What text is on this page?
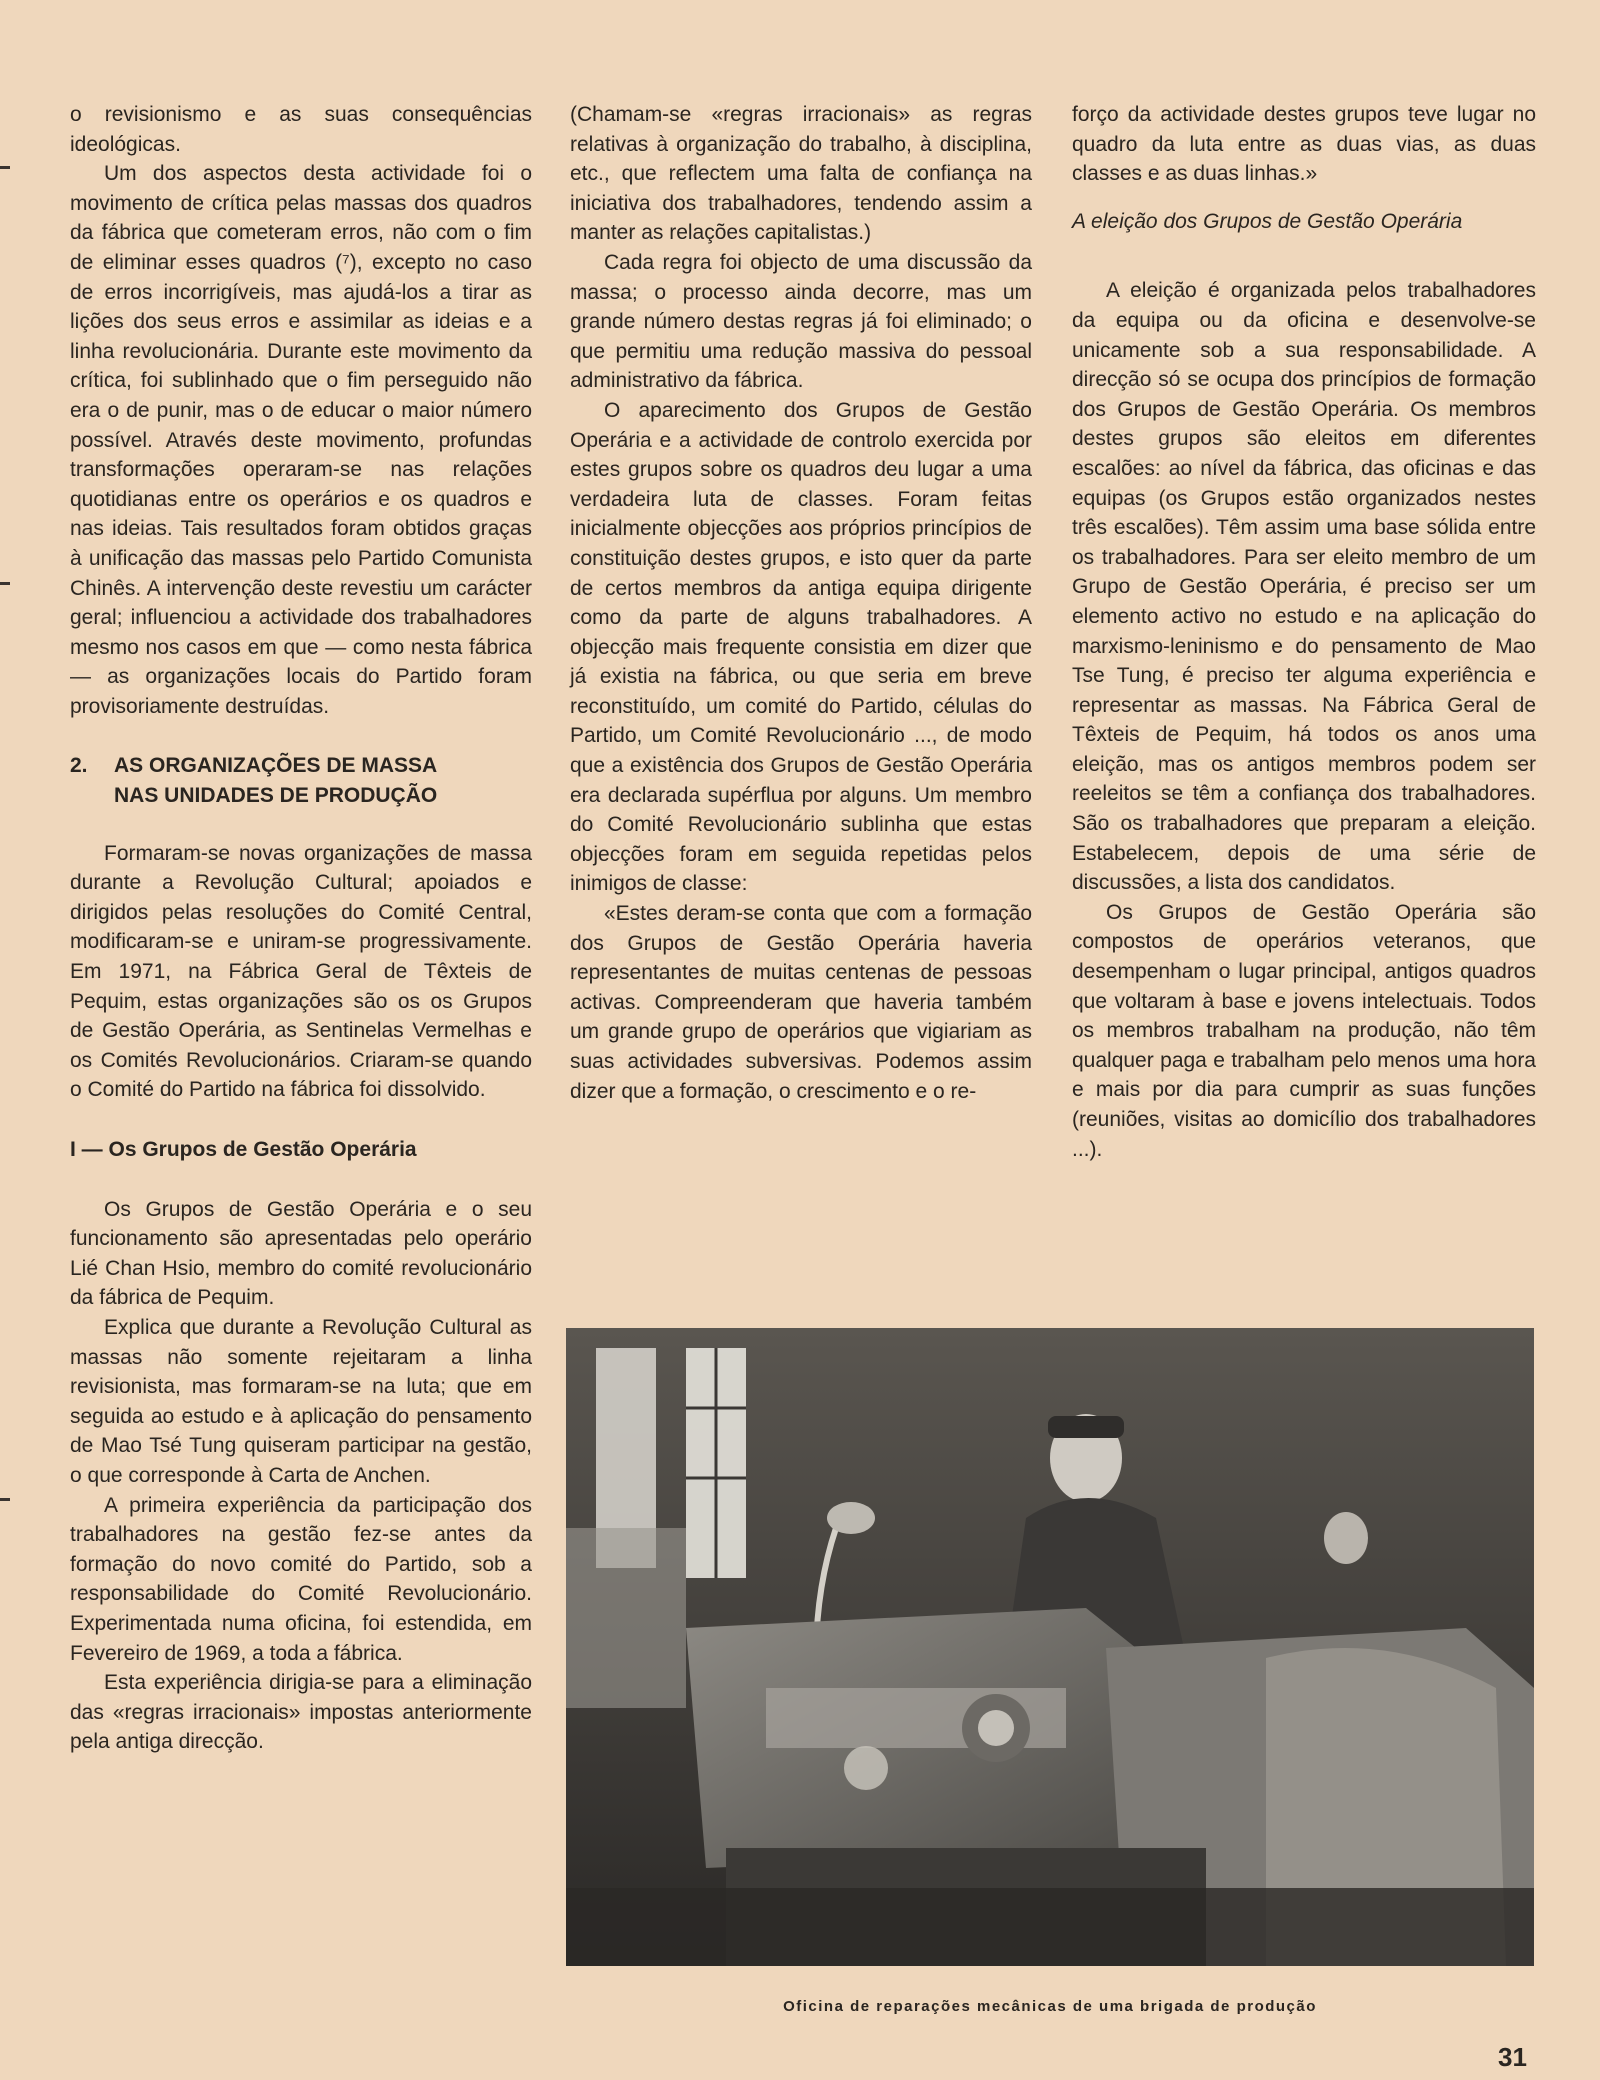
o revisionismo e as suas consequências ideológicas.

Um dos aspectos desta actividade foi o movimento de crítica pelas massas dos quadros da fábrica que cometeram erros, não com o fim de eliminar esses quadros (⁷), excepto no caso de erros incorrigíveis, mas ajudá-los a tirar as lições dos seus erros e assimilar as ideias e a linha revolucionária. Durante este movimento da crítica, foi sublinhado que o fim perseguido não era o de punir, mas o de educar o maior número possível. Através deste movimento, profundas transformações operaram-se nas relações quotidianas entre os operários e os quadros e nas ideias. Tais resultados foram obtidos graças à unificação das massas pelo Partido Comunista Chinês. A intervenção deste revestiu um carácter geral; influenciou a actividade dos trabalhadores mesmo nos casos em que — como nesta fábrica — as organizações locais do Partido foram provisoriamente destruídas.

2. AS ORGANIZAÇÕES DE MASSA
NAS UNIDADES DE PRODUÇÃO

Formaram-se novas organizações de massa durante a Revolução Cultural; apoiados e dirigidos pelas resoluções do Comité Central, modificaram-se e uniram-se progressivamente. Em 1971, na Fábrica Geral de Têxteis de Pequim, estas organizações são os os Grupos de Gestão Operária, as Sentinelas Vermelhas e os Comités Revolucionários. Criaram-se quando o Comité do Partido na fábrica foi dissolvido.

I — Os Grupos de Gestão Operária

Os Grupos de Gestão Operária e o seu funcionamento são apresentadas pelo operário Lié Chan Hsio, membro do comité revolucionário da fábrica de Pequim.

Explica que durante a Revolução Cultural as massas não somente rejeitaram a linha revisionista, mas formaram-se na luta; que em seguida ao estudo e à aplicação do pensamento de Mao Tsé Tung quiseram participar na gestão, o que corresponde à Carta de Anchen.

A primeira experiência da participação dos trabalhadores na gestão fez-se antes da formação do novo comité do Partido, sob a responsabilidade do Comité Revolucionário. Experimentada numa oficina, foi estendida, em Fevereiro de 1969, a toda a fábrica.

Esta experiência dirigia-se para a eliminação das «regras irracionais» impostas anteriormente pela antiga direcção.

(Chamam-se «regras irracionais» as regras relativas à organização do trabalho, à disciplina, etc., que reflectem uma falta de confiança na iniciativa dos trabalhadores, tendendo assim a manter as relações capitalistas.)

Cada regra foi objecto de uma discussão da massa; o processo ainda decorre, mas um grande número destas regras já foi eliminado; o que permitiu uma redução massiva do pessoal administrativo da fábrica.

O aparecimento dos Grupos de Gestão Operária e a actividade de controlo exercida por estes grupos sobre os quadros deu lugar a uma verdadeira luta de classes. Foram feitas inicialmente objecções aos próprios princípios de constituição destes grupos, e isto quer da parte de certos membros da antiga equipa dirigente como da parte de alguns trabalhadores. A objecção mais frequente consistia em dizer que já existia na fábrica, ou que seria em breve reconstituído, um comité do Partido, células do Partido, um Comité Revolucionário ..., de modo que a existência dos Grupos de Gestão Operária era declarada supérflua por alguns. Um membro do Comité Revolucionário sublinha que estas objecções foram em seguida repetidas pelos inimigos de classe:

«Estes deram-se conta que com a formação dos Grupos de Gestão Operária haveria representantes de muitas centenas de pessoas activas. Compreenderam que haveria também um grande grupo de operários que vigiariam as suas actividades subversivas. Podemos assim dizer que a formação, o crescimento e o re-

forço da actividade destes grupos teve lugar no quadro da luta entre as duas vias, as duas classes e as duas linhas.»

A eleição dos Grupos de Gestão Operária

A eleição é organizada pelos trabalhadores da equipa ou da oficina e desenvolve-se unicamente sob a sua responsabilidade. A direcção só se ocupa dos princípios de formação dos Grupos de Gestão Operária. Os membros destes grupos são eleitos em diferentes escalões: ao nível da fábrica, das oficinas e das equipas (os Grupos estão organizados nestes três escalões). Têm assim uma base sólida entre os trabalhadores. Para ser eleito membro de um Grupo de Gestão Operária, é preciso ser um elemento activo no estudo e na aplicação do marxismo-leninismo e do pensamento de Mao Tse Tung, é preciso ter alguma experiência e representar as massas. Na Fábrica Geral de Têxteis de Pequim, há todos os anos uma eleição, mas os antigos membros podem ser reeleitos se têm a confiança dos trabalhadores. São os trabalhadores que preparam a eleição. Estabelecem, depois de uma série de discussões, a lista dos candidatos.

Os Grupos de Gestão Operária são compostos de operários veteranos, que desempenham o lugar principal, antigos quadros que voltaram à base e jovens intelectuais. Todos os membros trabalham na produção, não têm qualquer paga e trabalham pelo menos uma hora e mais por dia para cumprir as suas funções (reuniões, visitas ao domicílio dos trabalhadores ...).

Oficina de reparações mecânicas de uma brigada de produção
31
